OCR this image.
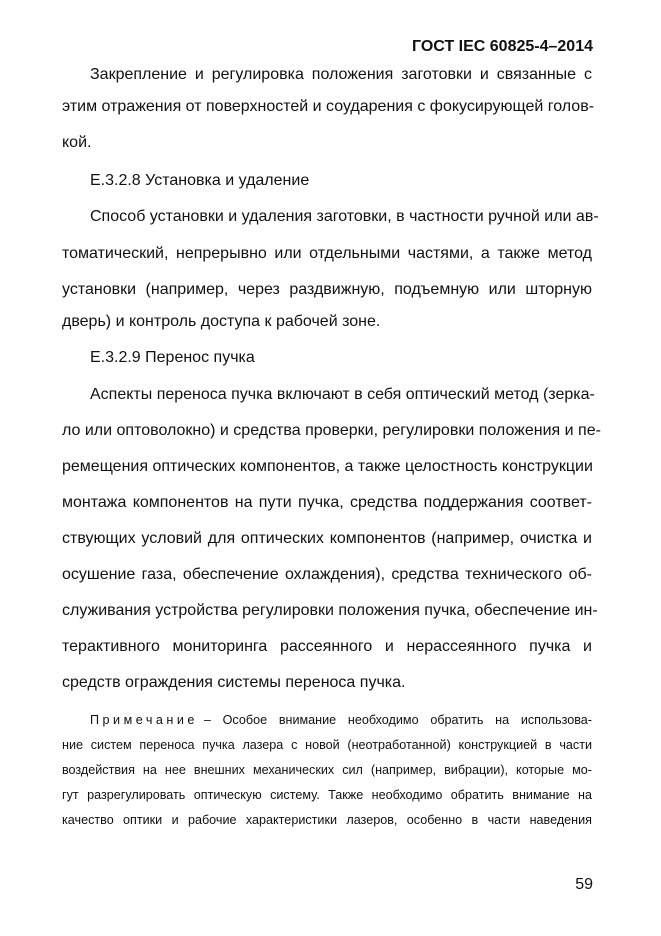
ГОСТ IEC 60825-4–2014
Закрепление и регулировка положения заготовки и связанные с
этим отражения от поверхностей и соударения с фокусирующей голов-
кой.
Е.3.2.8 Установка и удаление
Способ установки и удаления заготовки, в частности ручной или ав-
томатический, непрерывно или отдельными частями, а также метод
установки (например, через раздвижную, подъемную или шторную
дверь) и контроль доступа к рабочей зоне.
Е.3.2.9 Перенос пучка
Аспекты переноса пучка включают в себя оптический метод (зерка-
ло или оптоволокно) и средства проверки, регулировки положения и пе-
ремещения оптических компонентов, а также целостность конструкции
монтажа компонентов на пути пучка, средства поддержания соответ-
ствующих условий для оптических компонентов (например, очистка и
осушение газа, обеспечение охлаждения), средства технического об-
служивания устройства регулировки положения пучка, обеспечение ин-
терактивного мониторинга рассеянного и нерассеянного пучка и
средств ограждения системы переноса пучка.
Примечание – Особое внимание необходимо обратить на использова-
ние систем переноса пучка лазера с новой (неотработанной) конструкцией в части
воздействия на нее внешних механических сил (например, вибрации), которые мо-
гут разрегулировать оптическую систему. Также необходимо обратить внимание на
качество оптики и рабочие характеристики лазеров, особенно в части наведения
59
